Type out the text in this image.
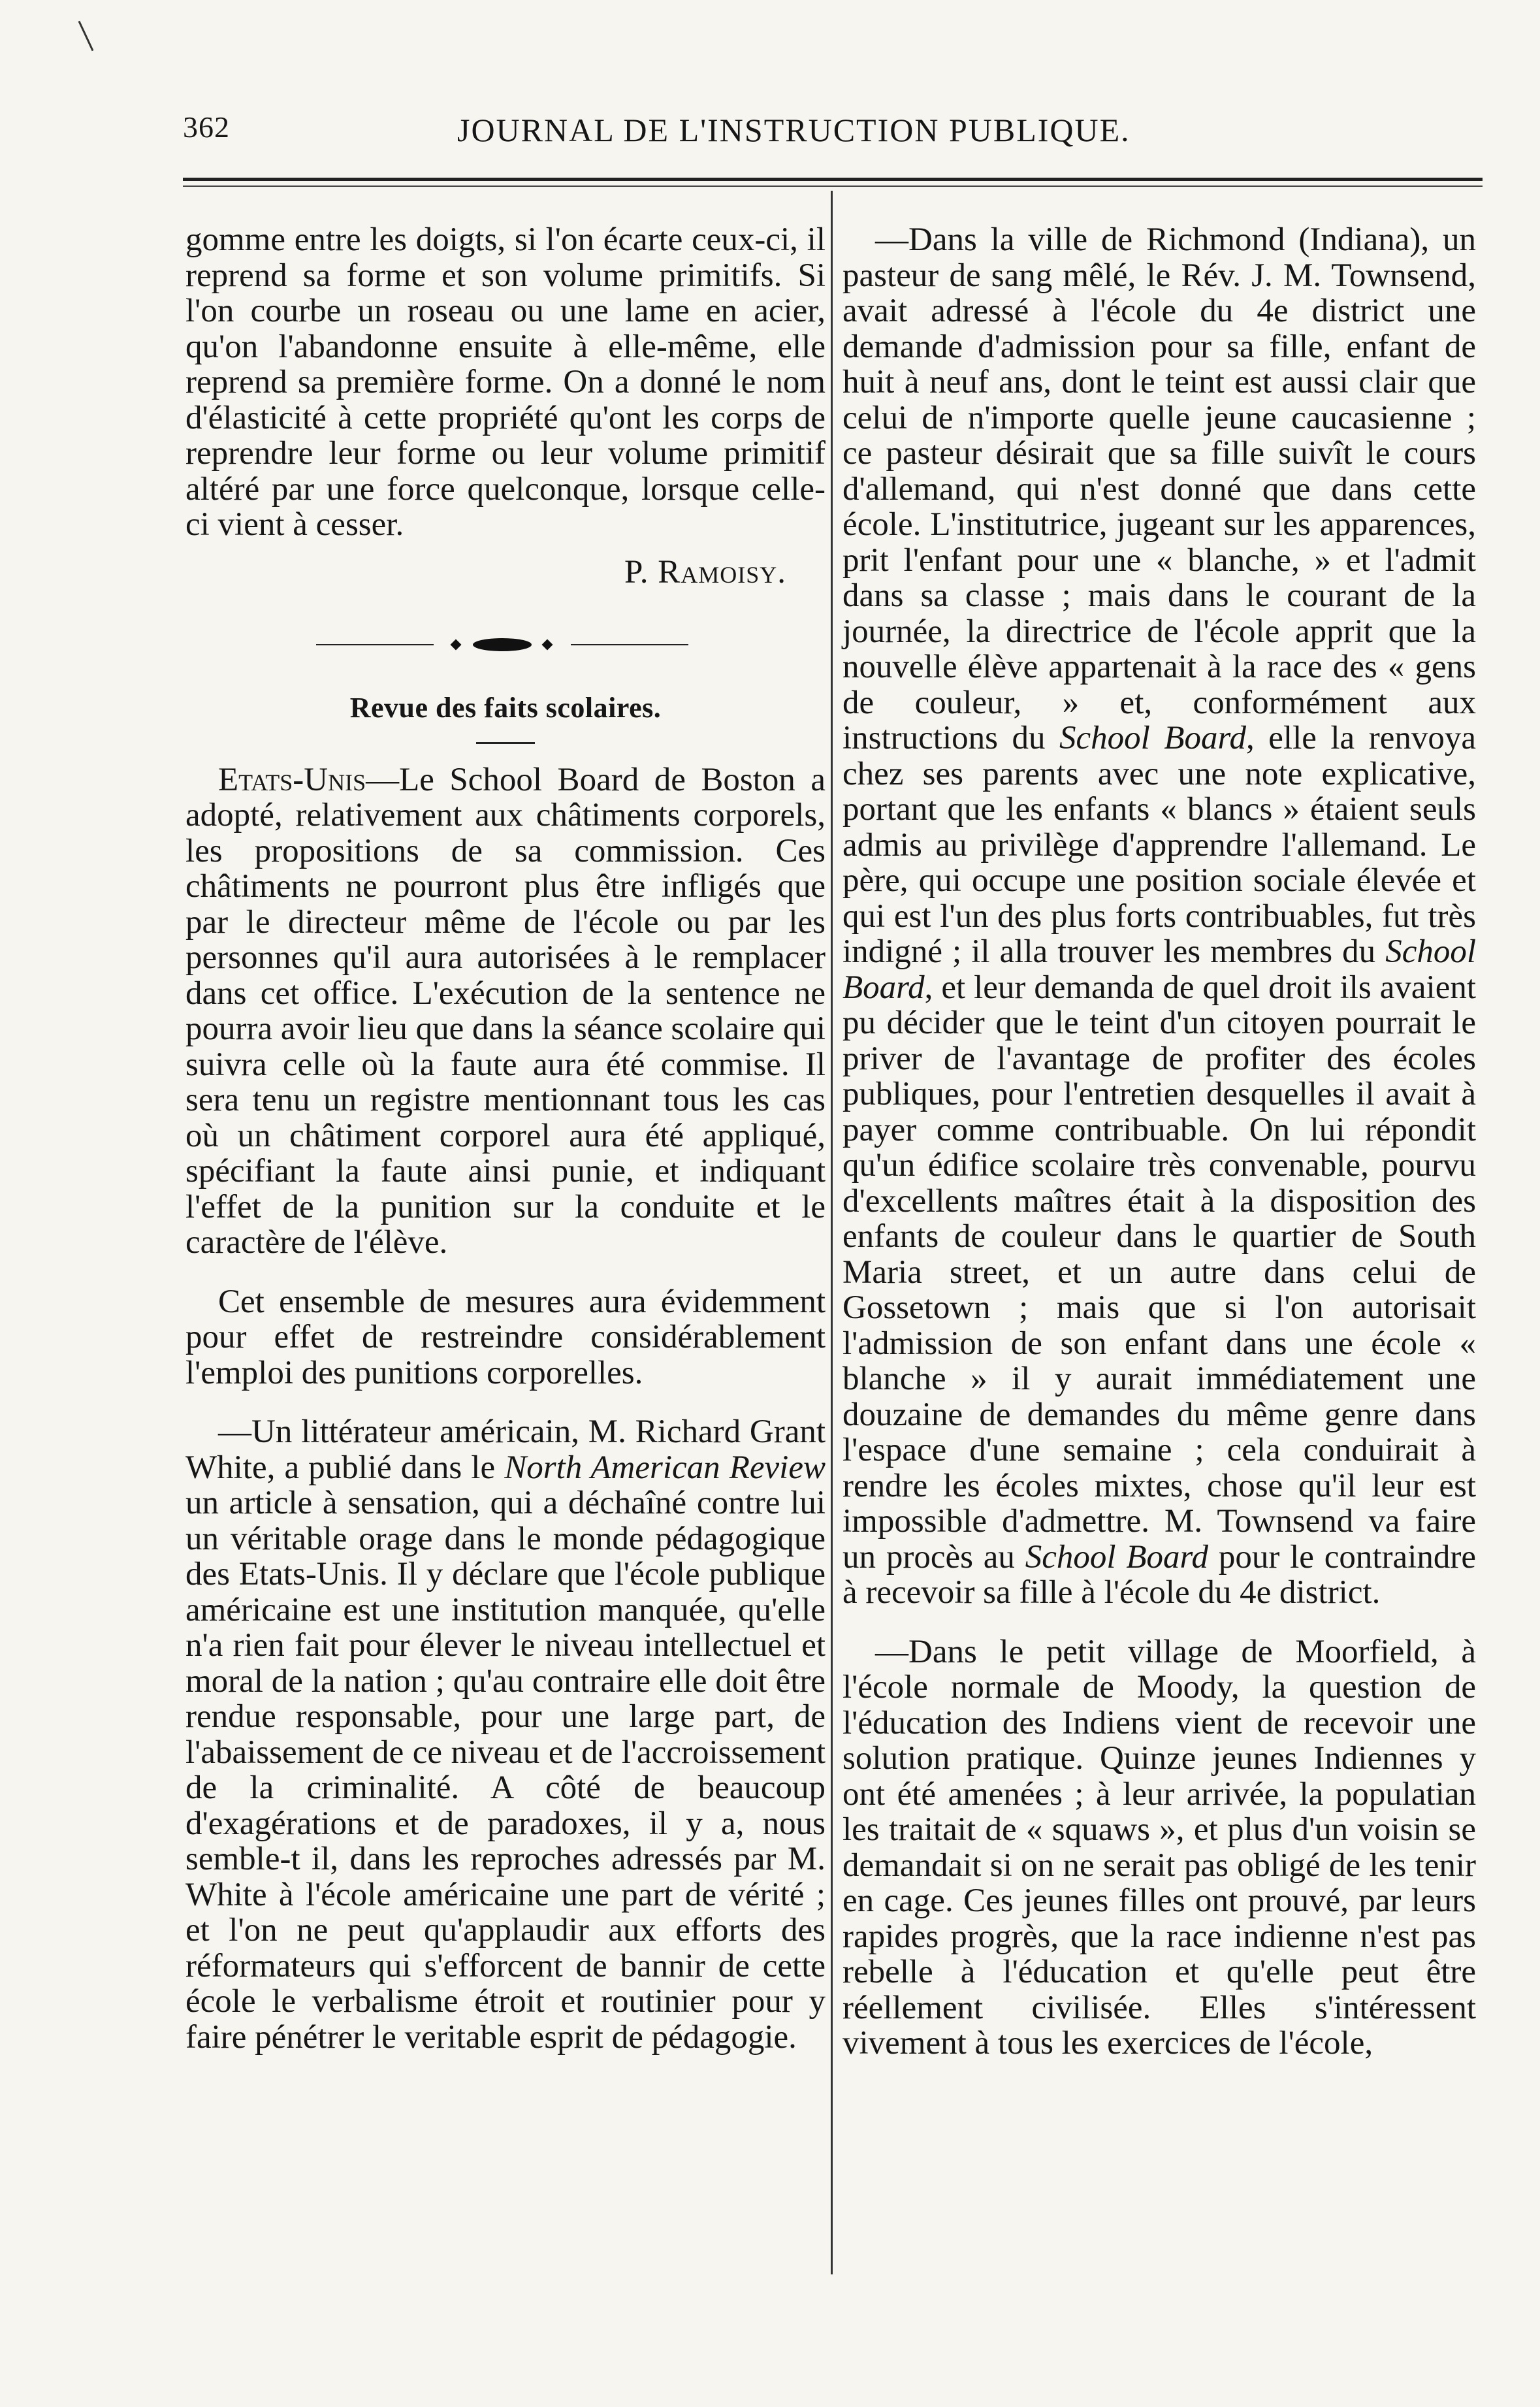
362	JOURNAL DE L'INSTRUCTION PUBLIQUE.

gomme entre les doigts, si l'on écarte ceux-ci, il reprend sa forme et son volume primitifs. Si l'on courbe un roseau ou une lame en acier, qu'on l'abandonne ensuite à elle-même, elle reprend sa première forme. On a donné le nom d'élasticité à cette propriété qu'ont les corps de reprendre leur forme ou leur volume primitif altéré par une force quelconque, lorsque celle-ci vient à cesser.

P. Ramoisy.

Revue des faits scolaires.

Etats-Unis—Le School Board de Boston a adopté, relativement aux châtiments corporels, les propositions de sa commission. Ces châtiments ne pourront plus être infligés que par le directeur même de l'école ou par les personnes qu'il aura autorisées à le remplacer dans cet office. L'exécution de la sentence ne pourra avoir lieu que dans la séance scolaire qui suivra celle où la faute aura été commise. Il sera tenu un registre mentionnant tous les cas où un châtiment corporel aura été appliqué, spécifiant la faute ainsi punie, et indiquant l'effet de la punition sur la conduite et le caractère de l'élève.

Cet ensemble de mesures aura évidemment pour effet de restreindre considérablement l'emploi des punitions corporelles.

—Un littérateur américain, M. Richard Grant White, a publié dans le North American Review un article à sensation, qui a déchaîné contre lui un véritable orage dans le monde pédagogique des Etats-Unis. Il y déclare que l'école publique américaine est une institution manquée, qu'elle n'a rien fait pour élever le niveau intellectuel et moral de la nation ; qu'au contraire elle doit être rendue responsable, pour une large part, de l'abaissement de ce niveau et de l'accroissement de la criminalité. A côté de beaucoup d'exagérations et de paradoxes, il y a, nous semble-t il, dans les reproches adressés par M. White à l'école américaine une part de vérité ; et l'on ne peut qu'applaudir aux efforts des réformateurs qui s'efforcent de bannir de cette école le verbalisme étroit et routinier pour y faire pénétrer le veritable esprit de pédagogie.

—Dans la ville de Richmond (Indiana), un pasteur de sang mêlé, le Rév. J. M. Townsend, avait adressé à l'école du 4e district une demande d'admission pour sa fille, enfant de huit à neuf ans, dont le teint est aussi clair que celui de n'importe quelle jeune caucasienne ; ce pasteur désirait que sa fille suivît le cours d'allemand, qui n'est donné que dans cette école. L'institutrice, jugeant sur les apparences, prit l'enfant pour une « blanche, » et l'admit dans sa classe ; mais dans le courant de la journée, la directrice de l'école apprit que la nouvelle élève appartenait à la race des « gens de couleur, » et, conformément aux instructions du School Board, elle la renvoya chez ses parents avec une note explicative, portant que les enfants « blancs » étaient seuls admis au privilège d'apprendre l'allemand. Le père, qui occupe une position sociale élevée et qui est l'un des plus forts contribuables, fut très indigné ; il alla trouver les membres du School Board, et leur demanda de quel droit ils avaient pu décider que le teint d'un citoyen pourrait le priver de l'avantage de profiter des écoles publiques, pour l'entretien desquelles il avait à payer comme contribuable. On lui répondit qu'un édifice scolaire très convenable, pourvu d'excellents maîtres était à la disposition des enfants de couleur dans le quartier de South Maria street, et un autre dans celui de Gossetown ; mais que si l'on autorisait l'admission de son enfant dans une école « blanche » il y aurait immédiatement une douzaine de demandes du même genre dans l'espace d'une semaine ; cela conduirait à rendre les écoles mixtes, chose qu'il leur est impossible d'admettre. M. Townsend va faire un procès au School Board pour le contraindre à recevoir sa fille à l'école du 4e district.

—Dans le petit village de Moorfield, à l'école normale de Moody, la question de l'éducation des Indiens vient de recevoir une solution pratique. Quinze jeunes Indiennes y ont été amenées ; à leur arrivée, la populatian les traitait de « squaws », et plus d'un voisin se demandait si on ne serait pas obligé de les tenir en cage. Ces jeunes filles ont prouvé, par leurs rapides progrès, que la race indienne n'est pas rebelle à l'éducation et qu'elle peut être réellement civilisée. Elles s'intéressent vivement à tous les exercices de l'école,
